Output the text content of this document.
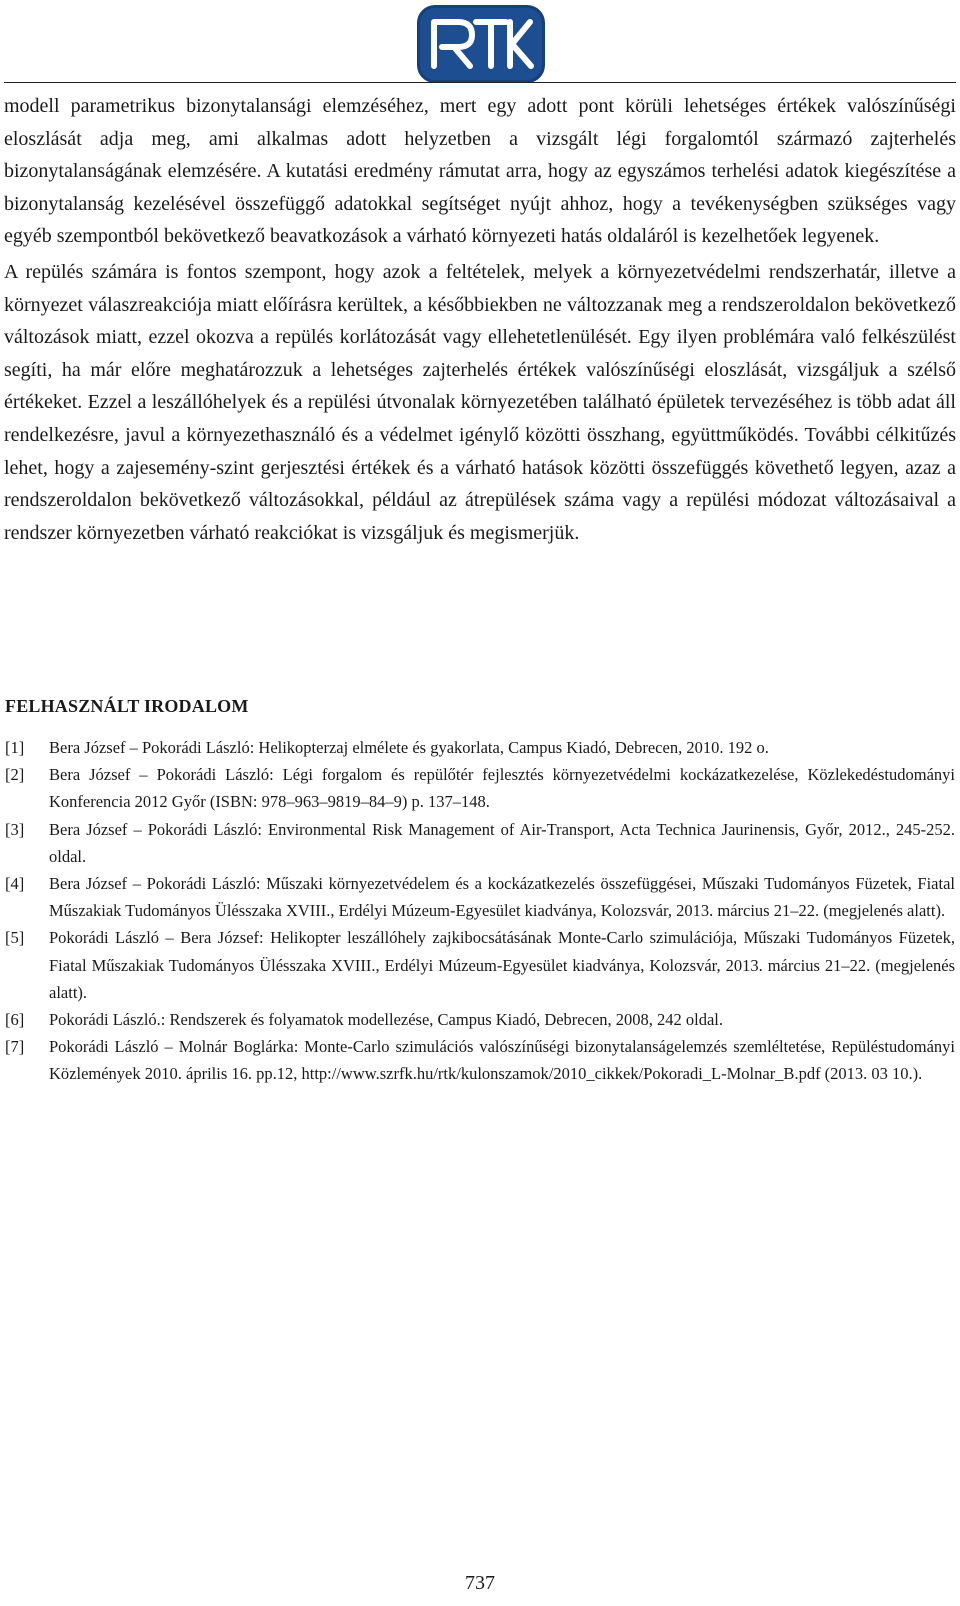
modell parametrikus bizonytalansági elemzéséhez, mert egy adott pont körüli lehetséges értékek valószínűségi eloszlását adja meg, ami alkalmas adott helyzetben a vizsgált légi forgalomtól származó zajterhelés bizonytalanságának elemzésére. A kutatási eredmény rámutat arra, hogy az egyszámos terhelési adatok kiegészítése a bizonytalanság kezelésével összefüggő adatokkal segítséget nyújt ahhoz, hogy a tevékenységben szükséges vagy egyéb szempontból bekövetkező beavatkozások a várható környezeti hatás oldaláról is kezelhetőek legyenek.

A repülés számára is fontos szempont, hogy azok a feltételek, melyek a környezetvédelmi rendszerhatár, illetve a környezet válaszreakciója miatt előírásra kerültek, a későbbiekben ne változzanak meg a rendszeroldalon bekövetkező változások miatt, ezzel okozva a repülés korlátozását vagy ellehetetlenülését. Egy ilyen problémára való felkészülést segíti, ha már előre meghatározzuk a lehetséges zajterhelés értékek valószínűségi eloszlását, vizsgáljuk a szélső értékeket. Ezzel a leszállóhelyek és a repülési útvonalak környezetében található épületek tervezéséhez is több adat áll rendelkezésre, javul a környezethasználó és a védelmet igénylő közötti összhang, együttműködés. További célkitűzés lehet, hogy a zajesemény-szint gerjesztési értékek és a várható hatások közötti összefüggés követhető legyen, azaz a rendszeroldalon bekövetkező változásokkal, például az átrepülések száma vagy a repülési módozat változásaival a rendszer környezetben várható reakciókat is vizsgáljuk és megismerjük.

FELHASZNÁLT IRODALOM
[1]	Bera József – Pokorádi László: Helikopterzaj elmélete és gyakorlata, Campus Kiadó, Debrecen, 2010. 192 o.
[2]	Bera József – Pokorádi László: Légi forgalom és repülőtér fejlesztés környezetvédelmi kockázatkezelése, Közlekedéstudományi Konferencia 2012 Győr (ISBN: 978–963–9819–84–9) p. 137–148.
[3]	Bera József – Pokorádi László: Environmental Risk Management of Air-Transport, Acta Technica Jaurinensis, Győr, 2012., 245-252. oldal.
[4]	Bera József – Pokorádi László: Műszaki környezetvédelem és a kockázatkezelés összefüggései, Műszaki Tudományos Füzetek, Fiatal Műszakiak Tudományos Ülésszaka XVIII., Erdélyi Múzeum-Egyesület kiadványa, Kolozsvár, 2013. március 21–22. (megjelenés alatt).
[5]	Pokorádi László – Bera József: Helikopter leszállóhely zajkibocsátásának Monte-Carlo szimulációja, Műszaki Tudományos Füzetek, Fiatal Műszakiak Tudományos Ülésszaka XVIII., Erdélyi Múzeum-Egyesület kiadványa, Kolozsvár, 2013. március 21–22. (megjelenés alatt).
[6]	Pokorádi László.: Rendszerek és folyamatok modellezése, Campus Kiadó, Debrecen, 2008, 242 oldal.
[7]	Pokorádi László – Molnár Boglárka: Monte-Carlo szimulációs valószínűségi bizonytalanságelemzés szemléltetése, Repüléstudományi Közlemények 2010. április 16. pp.12, http://www.szrfk.hu/rtk/kulonszamok/2010_cikkek/Pokoradi_L-Molnar_B.pdf (2013. 03 10.).
737
